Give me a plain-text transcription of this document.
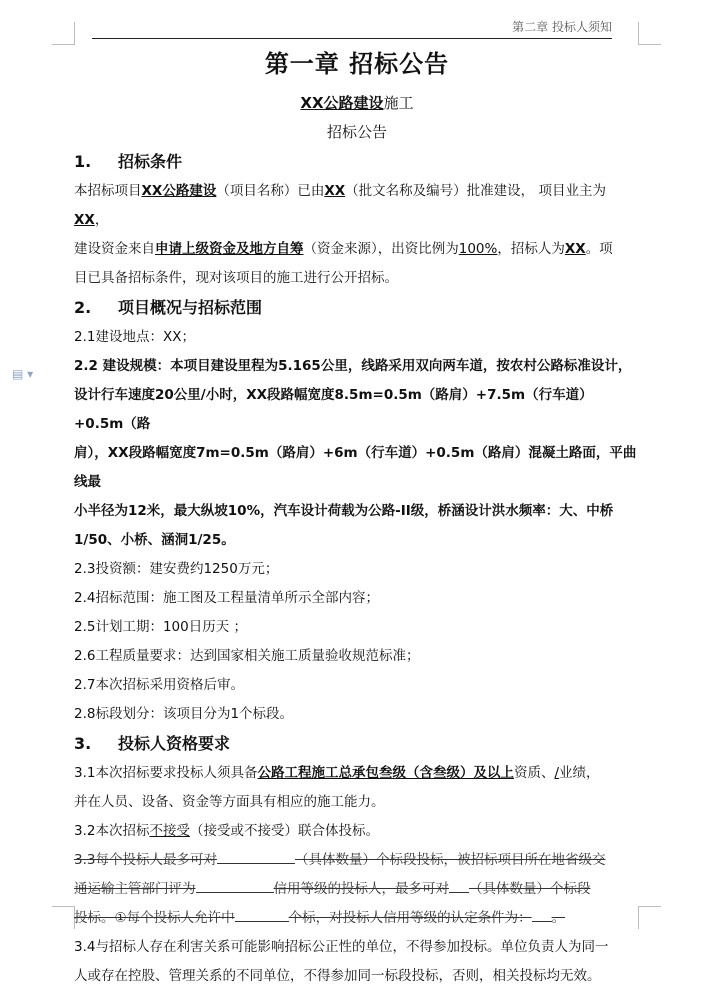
第二章 投标人须知
▤ ▾
第一章 招标公告
XX公路建设施工
招标公告
1. 招标条件

本招标项目XX公路建设（项目名称）已由XX（批文名称及编号）批准建设， 项目业主为XX，
建设资金来自申请上级资金及地方自筹（资金来源），出资比例为100%，招标人为XX。项
目已具备招标条件，现对该项目的施工进行公开招标。

2. 项目概况与招标范围

2.1建设地点：XX；

2.2 建设规模：本项目建设里程为5.165公里，线路采用双向两车道，按农村公路标准设计，
设计行车速度20公里/小时，XX段路幅宽度8.5m=0.5m（路肩）+7.5m（行车道）+0.5m（路
肩），XX段路幅宽度7m=0.5m（路肩）+6m（行车道）+0.5m（路肩）混凝土路面，平曲线最
小半径为12米，最大纵坡10%，汽车设计荷载为公路-II级，桥涵设计洪水频率：大、中桥
1/50、小桥、涵洞1/25。

2.3投资额：建安费约1250万元；

2.4招标范围：施工图及工程量清单所示全部内容；

2.5计划工期：100日历天 ；

2.6工程质量要求：达到国家相关施工质量验收规范标准；

2.7本次招标采用资格后审。

2.8标段划分：该项目分为1个标段。

3. 投标人资格要求

3.1本次招标要求投标人须具备公路工程施工总承包叁级（含叁级）及以上资质、/业绩，
并在人员、设备、资金等方面具有相应的施工能力。

3.2本次招标不接受（接受或不接受）联合体投标。

3.3每个投标人最多可对	（具体数量）个标段投标，被招标项目所在地省级交
通运输主管部门评为	信用等级的投标人，最多可对 （具体数量）个标段
投标。①每个投标人允许中	个标，对投标人信用等级的认定条件为： 。

3.4与招标人存在利害关系可能影响招标公正性的单位，不得参加投标。单位负责人为同一
人或存在控股、管理关系的不同单位，不得参加同一标段投标，否则，相关投标均无效。
